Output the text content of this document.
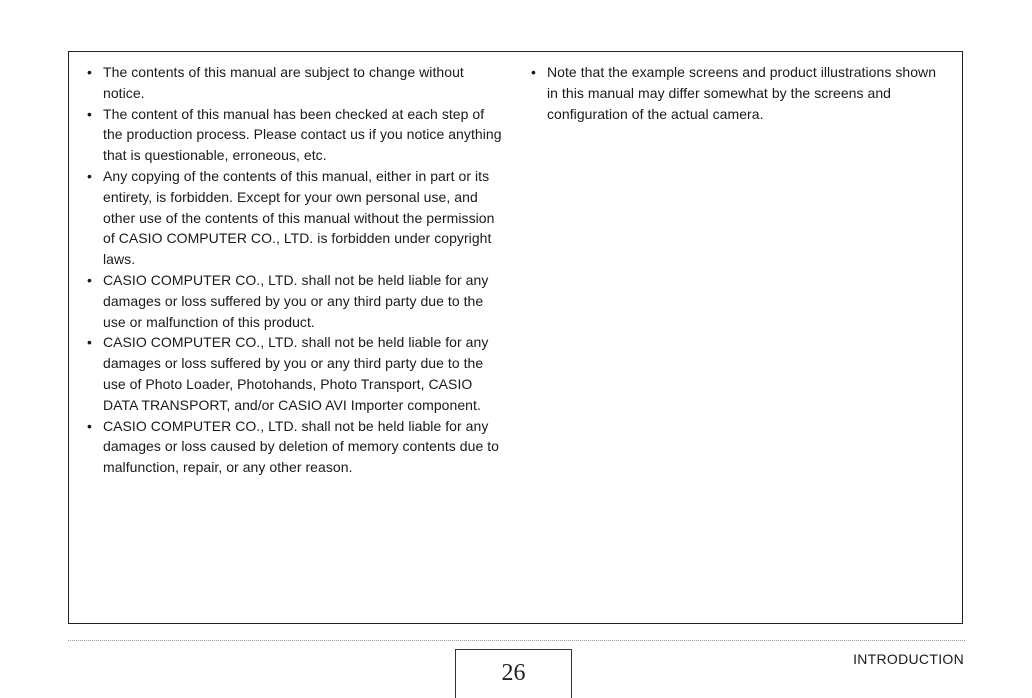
• The contents of this manual are subject to change without notice.
• The content of this manual has been checked at each step of the production process. Please contact us if you notice anything that is questionable, erroneous, etc.
• Any copying of the contents of this manual, either in part or its entirety, is forbidden. Except for your own personal use, and other use of the contents of this manual without the permission of CASIO COMPUTER CO., LTD. is forbidden under copyright laws.
• CASIO COMPUTER CO., LTD. shall not be held liable for any damages or loss suffered by you or any third party due to the use or malfunction of this product.
• CASIO COMPUTER CO., LTD. shall not be held liable for any damages or loss suffered by you or any third party due to the use of Photo Loader, Photohands, Photo Transport, CASIO DATA TRANSPORT, and/or CASIO AVI Importer component.
• CASIO COMPUTER CO., LTD. shall not be held liable for any damages or loss caused by deletion of memory contents due to malfunction, repair, or any other reason.
• Note that the example screens and product illustrations shown in this manual may differ somewhat by the screens and configuration of the actual camera.
26
INTRODUCTION
